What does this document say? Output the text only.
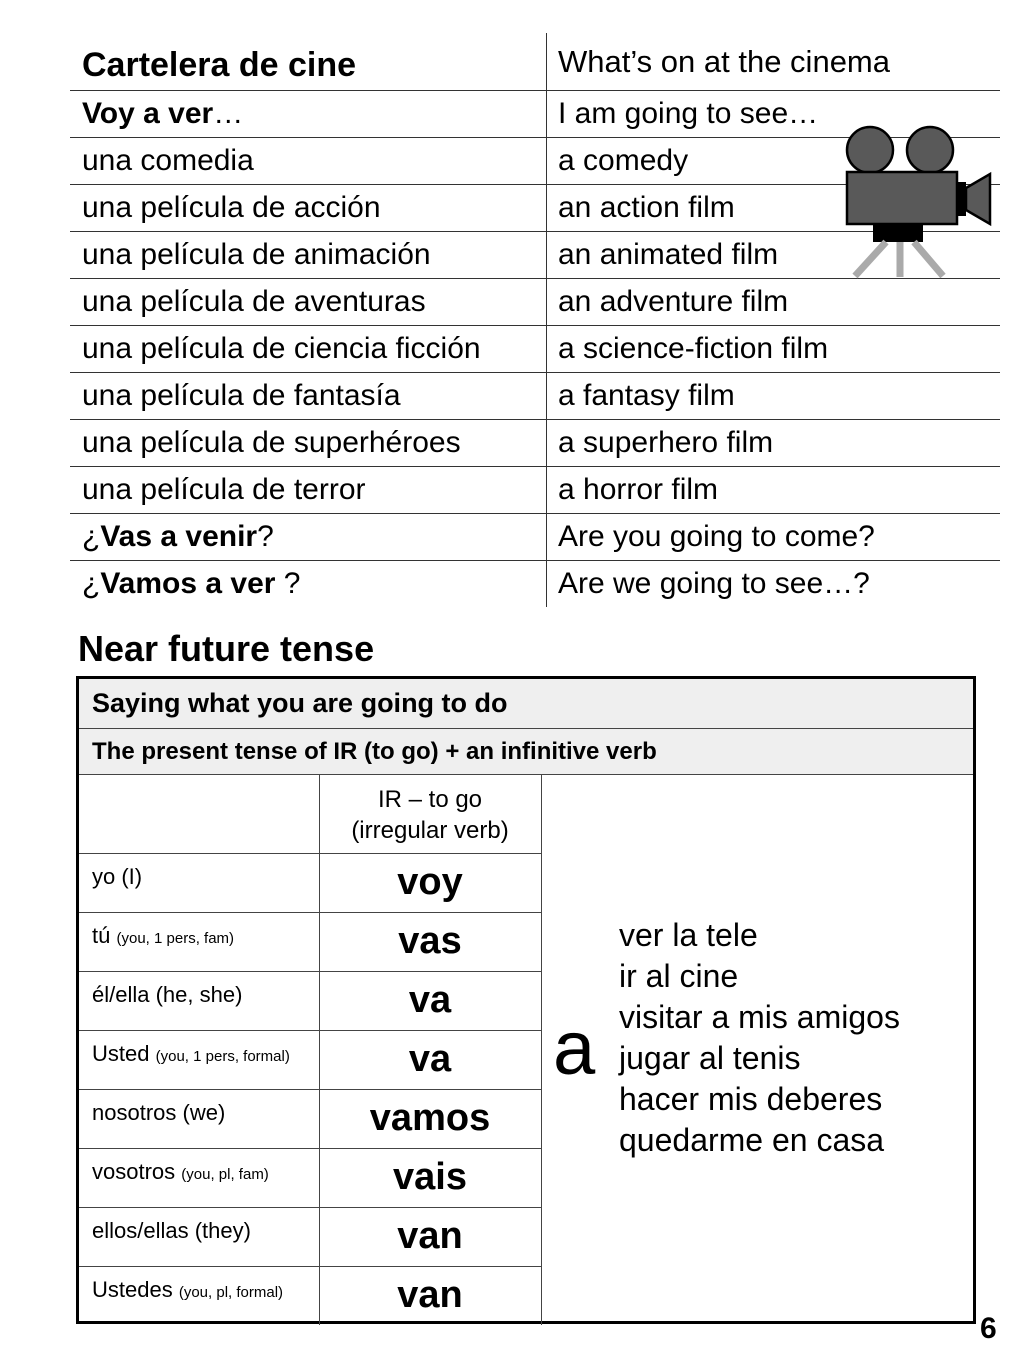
Cartelera de cine	What’s on at the cinema
Voy a ver…	I am going to see…
una comedia	a comedy
una película de acción	an action film
una película de animación	an animated film
una película de aventuras	an adventure film
una película de ciencia ficción	a science-fiction film
una película de fantasía	a fantasy film
una película de superhéroes	a superhero film
una película de terror	a horror film
¿Vas a venir?	Are you going to come?
¿Vamos a ver ?	Are we going to see…?
Near future tense
Saying what you are going to do
The present tense of IR (to go) + an infinitive verb
	IR – to go
(irregular verb)
yo (I)	voy
tú (you, 1 pers, fam)	vas
él/ella (he, she)	va
Usted (you, 1 pers, formal)	va
nosotros (we)	vamos
vosotros (you, pl, fam)	vais
ellos/ellas (they)	van
Ustedes (you, pl, formal)	van
a
ver la tele
ir al cine
visitar a mis amigos
jugar al tenis
hacer mis deberes
quedarme en casa
6
